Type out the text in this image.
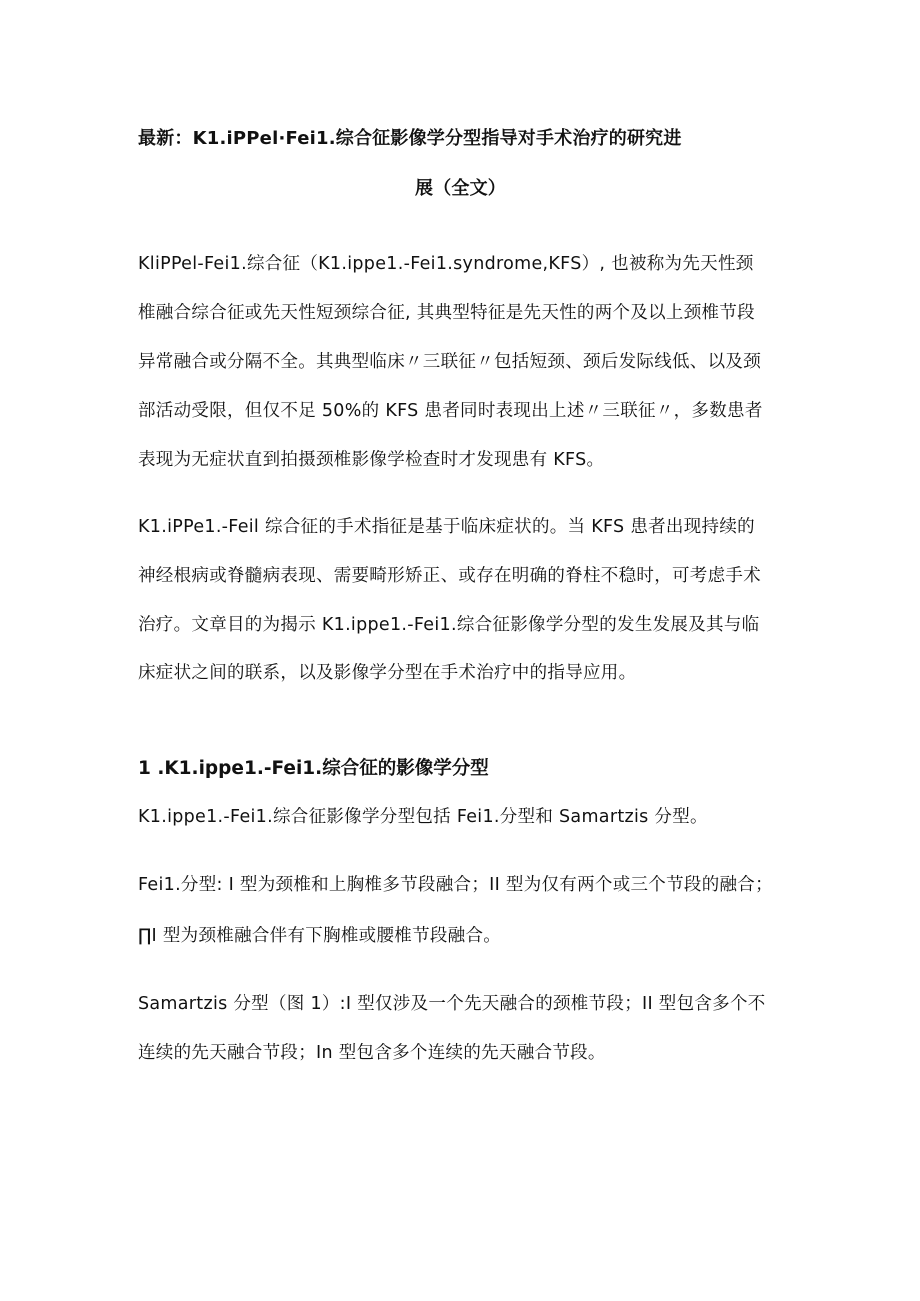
最新：K1.iPPel·Fei1.综合征影像学分型指导对手术治疗的研究进
展（全文）

KliPPel-Fei1.综合征（K1.ippe1.-Fei1.syndrome,KFS）, 也被称为先天性颈

椎融合综合征或先天性短颈综合征, 其典型特征是先天性的两个及以上颈椎节段

异常融合或分隔不全。其典型临床〃三联征〃包括短颈、颈后发际线低、以及颈

部活动受限，但仅不足 50%的 KFS 患者同时表现出上述〃三联征〃，多数患者

表现为无症状直到拍摄颈椎影像学检查时才发现患有 KFS。

K1.iPPe1.-Feil 综合征的手术指征是基于临床症状的。当 KFS 患者出现持续的

神经根病或脊髓病表现、需要畸形矫正、或存在明确的脊柱不稳时，可考虑手术

治疗。文章目的为揭示 K1.ippe1.-Fei1.综合征影像学分型的发生发展及其与临

床症状之间的联系，以及影像学分型在手术治疗中的指导应用。

1 .K1.ippe1.-Fei1.综合征的影像学分型

K1.ippe1.-Fei1.综合征影像学分型包括 Fei1.分型和 Samartzis 分型。

Fei1.分型: I 型为颈椎和上胸椎多节段融合；II 型为仅有两个或三个节段的融合；

∏I 型为颈椎融合伴有下胸椎或腰椎节段融合。

Samartzis 分型（图 1）:I 型仅涉及一个先天融合的颈椎节段；II 型包含多个不

连续的先天融合节段；In 型包含多个连续的先天融合节段。
